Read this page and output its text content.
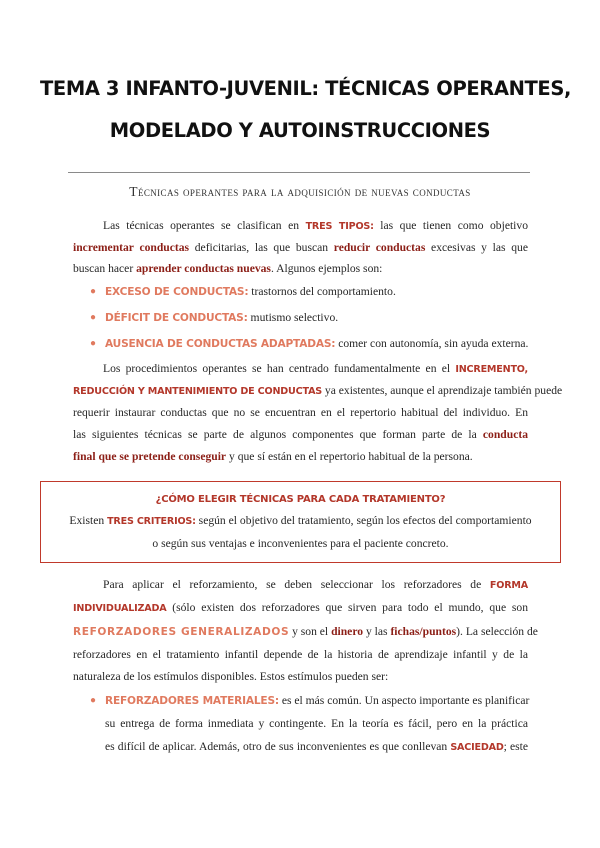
TEMA 3 INFANTO-JUVENIL: TÉCNICAS OPERANTES,
MODELADO Y AUTOINSTRUCCIONES
Técnicas operantes para la adquisición de nuevas conductas
Las técnicas operantes se clasifican en TRES TIPOS: las que tienen como objetivo
incrementar conductas deficitarias, las que buscan reducir conductas excesivas y las que
buscan hacer aprender conductas nuevas. Algunos ejemplos son:
● EXCESO DE CONDUCTAS: trastornos del comportamiento.
● DÉFICIT DE CONDUCTAS: mutismo selectivo.
● AUSENCIA DE CONDUCTAS ADAPTADAS: comer con autonomía, sin ayuda externa.
Los procedimientos operantes se han centrado fundamentalmente en el INCREMENTO,
REDUCCIÓN Y MANTENIMIENTO DE CONDUCTAS ya existentes, aunque el aprendizaje también puede
requerir instaurar conductas que no se encuentran en el repertorio habitual del individuo. En
las siguientes técnicas se parte de algunos componentes que forman parte de la conducta
final que se pretende conseguir y que sí están en el repertorio habitual de la persona.
¿CÓMO ELEGIR TÉCNICAS PARA CADA TRATAMIENTO?
Existen TRES CRITERIOS: según el objetivo del tratamiento, según los efectos del comportamiento
o según sus ventajas e inconvenientes para el paciente concreto.
Para aplicar el reforzamiento, se deben seleccionar los reforzadores de FORMA
INDIVIDUALIZADA (sólo existen dos reforzadores que sirven para todo el mundo, que son
REFORZADORES GENERALIZADOS y son el dinero y las fichas/puntos). La selección de
reforzadores en el tratamiento infantil depende de la historia de aprendizaje infantil y de la
naturaleza de los estímulos disponibles. Estos estímulos pueden ser:
● REFORZADORES MATERIALES: es el más común. Un aspecto importante es planificar
su entrega de forma inmediata y contingente. En la teoría es fácil, pero en la práctica
es difícil de aplicar. Además, otro de sus inconvenientes es que conllevan SACIEDAD; este
